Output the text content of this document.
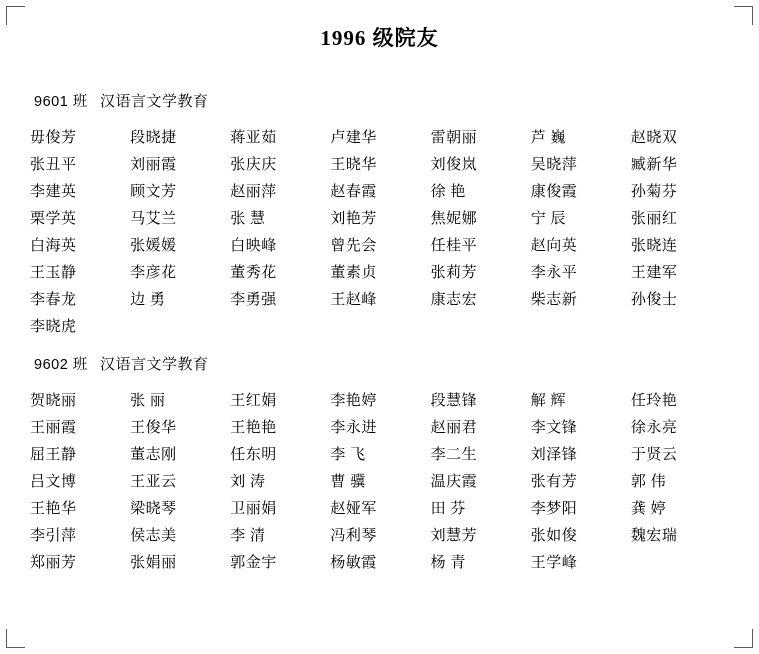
1996 级院友
9601 班 汉语言文学教育
毋俊芳	段晓捷	蒋亚茹	卢建华	雷朝丽	芦 巍	赵晓双
张丑平	刘丽霞	张庆庆	王晓华	刘俊岚	吴晓萍	臧新华
李建英	顾文芳	赵丽萍	赵春霞	徐 艳	康俊霞	孙菊芬
栗学英	马艾兰	张 慧	刘艳芳	焦妮娜	宁 辰	张丽红
白海英	张媛媛	白映峰	曾先会	任桂平	赵向英	张晓连
王玉静	李彦花	董秀花	董素贞	张莉芳	李永平	王建军
李春龙	边 勇	李勇强	王赵峰	康志宏	柴志新	孙俊士
李晓虎						
9602 班 汉语言文学教育
贺晓丽	张 丽	王红娟	李艳婷	段慧锋	解 辉	任玲艳
王丽霞	王俊华	王艳艳	李永进	赵丽君	李文锋	徐永亮
屈王静	董志刚	任东明	李 飞	李二生	刘泽锋	于贤云
吕文博	王亚云	刘 涛	曹 骥	温庆霞	张有芳	郭 伟
王艳华	梁晓琴	卫丽娟	赵娅军	田 芬	李梦阳	龚 婷
李引萍	侯志美	李 清	冯利琴	刘慧芳	张如俊	魏宏瑞
郑丽芳	张娟丽	郭金宇	杨敏霞	杨 青	王学峰	
